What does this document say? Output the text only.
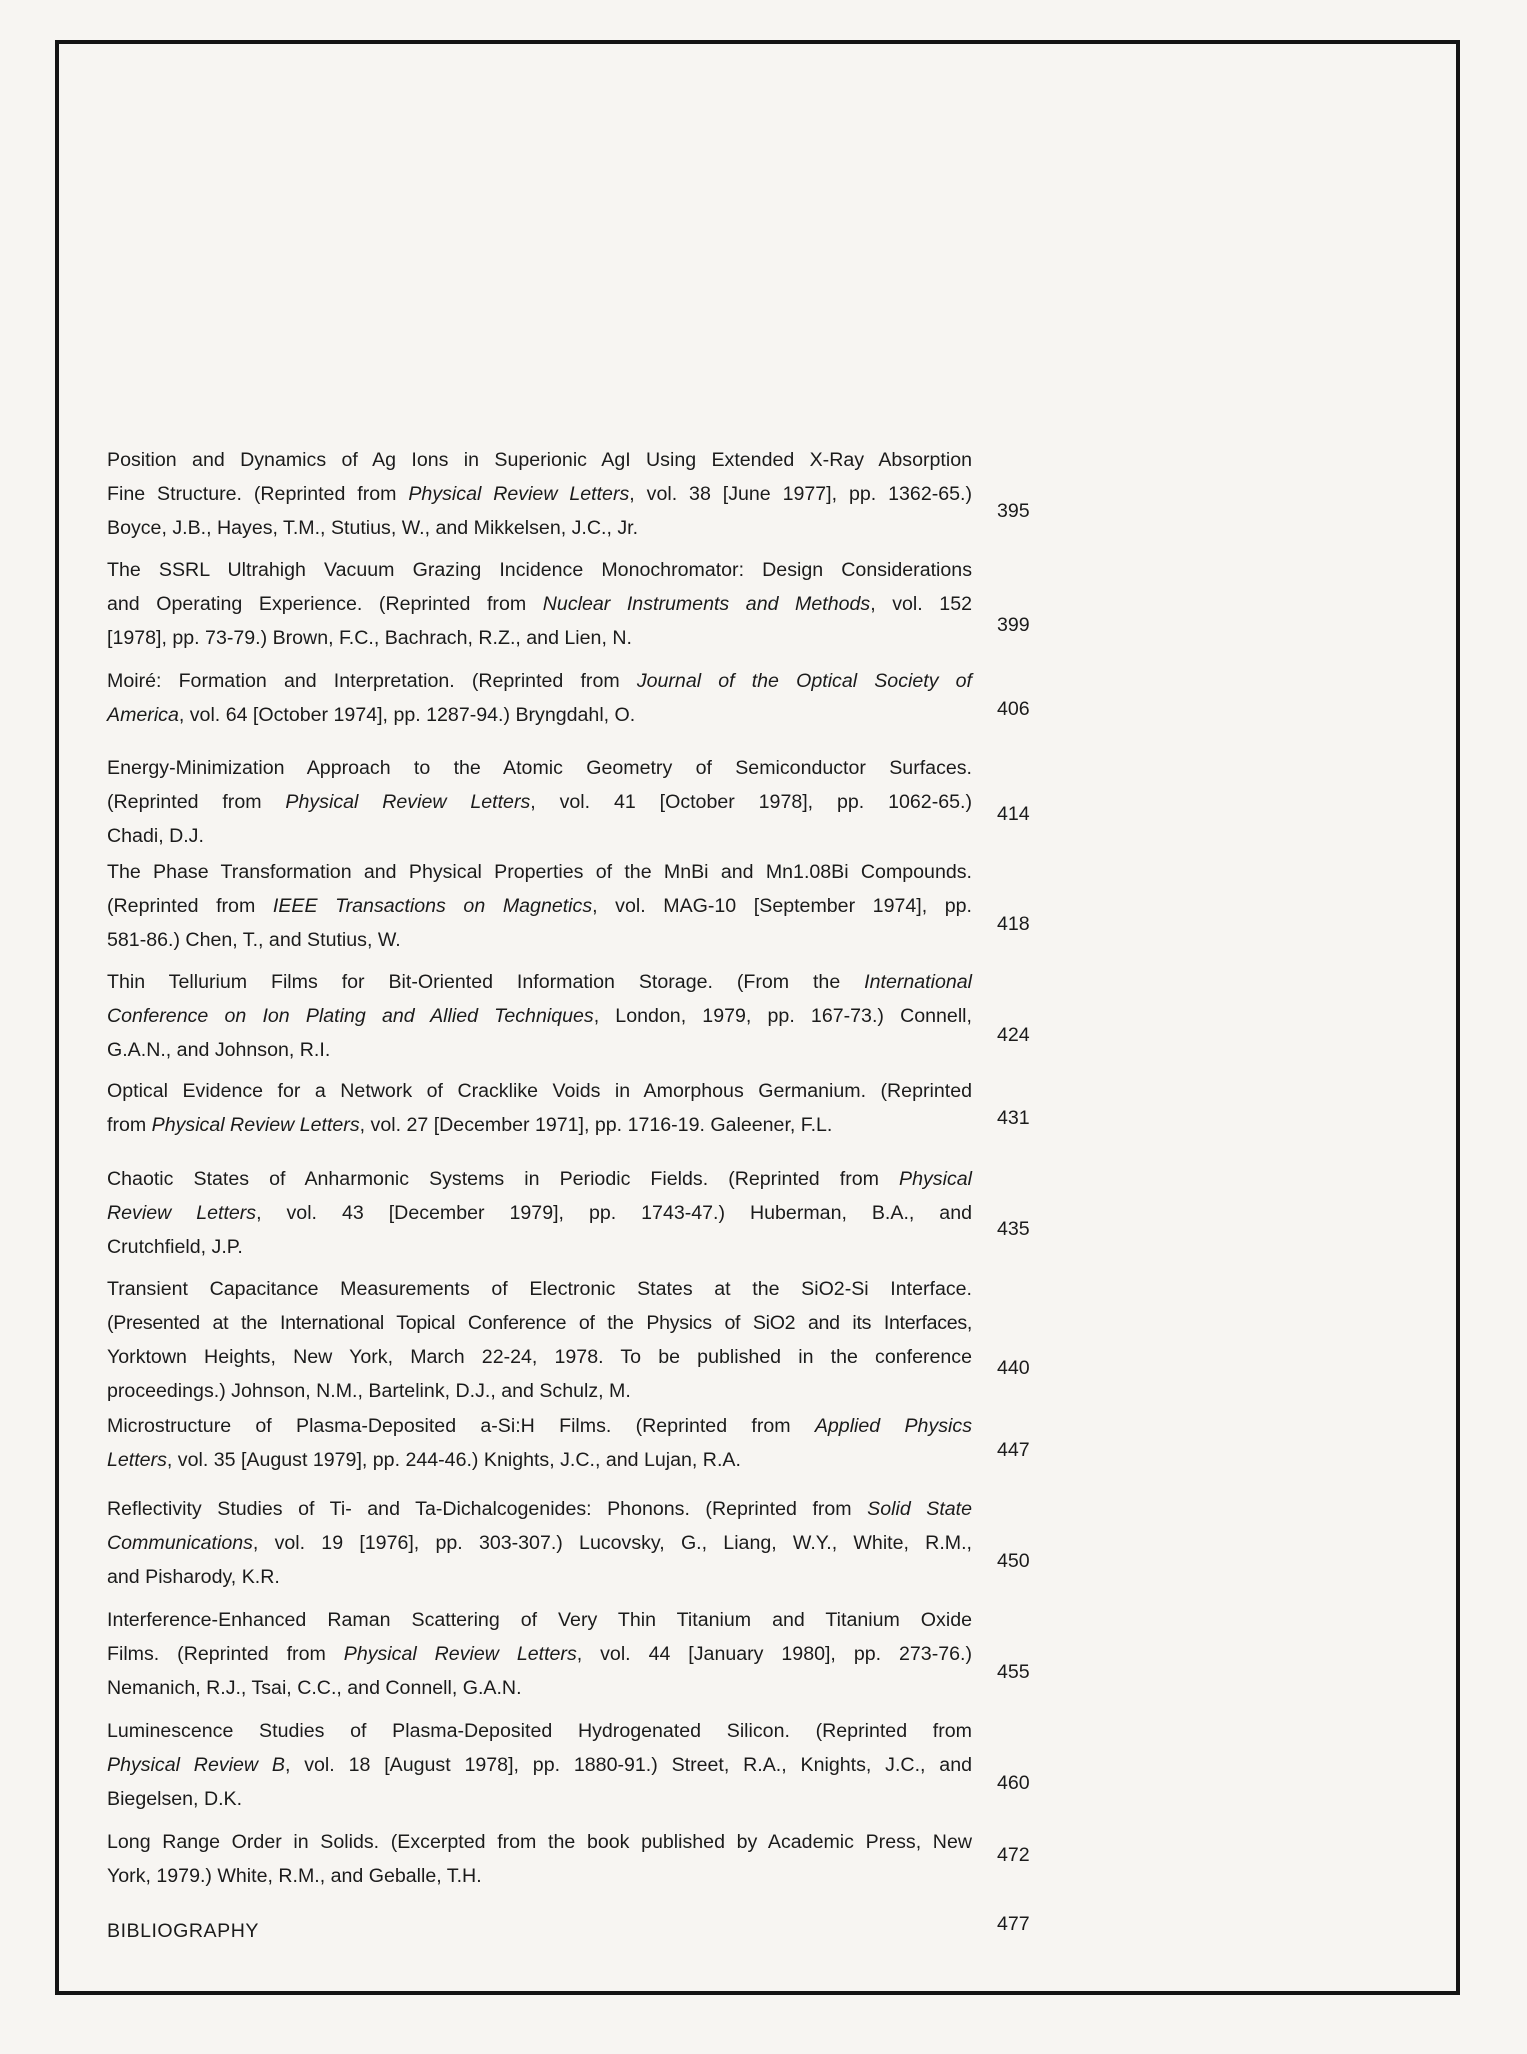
Position and Dynamics of Ag Ions in Superionic AgI Using Extended X-Ray Absorption
Fine Structure. (Reprinted from Physical Review Letters, vol. 38 [June 1977], pp. 1362-65.)
Boyce, J.B., Hayes, T.M., Stutius, W., and Mikkelsen, J.C., Jr.
395
The SSRL Ultrahigh Vacuum Grazing Incidence Monochromator: Design Considerations
and Operating Experience. (Reprinted from Nuclear Instruments and Methods, vol. 152
[1978], pp. 73-79.) Brown, F.C., Bachrach, R.Z., and Lien, N.
399
Moiré: Formation and Interpretation. (Reprinted from Journal of the Optical Society of
America, vol. 64 [October 1974], pp. 1287-94.) Bryngdahl, O.	406
Energy-Minimization Approach to the Atomic Geometry of Semiconductor Surfaces.
(Reprinted from Physical Review Letters, vol. 41 [October 1978], pp. 1062-65.)
Chadi, D.J.
414
The Phase Transformation and Physical Properties of the MnBi and Mn1.08Bi Compounds.
(Reprinted from IEEE Transactions on Magnetics, vol. MAG-10 [September 1974], pp.
581-86.) Chen, T., and Stutius, W.
418
Thin Tellurium Films for Bit-Oriented Information Storage. (From the International
Conference on Ion Plating and Allied Techniques, London, 1979, pp. 167-73.) Connell,
G.A.N., and Johnson, R.I.
424
Optical Evidence for a Network of Cracklike Voids in Amorphous Germanium. (Reprinted
from Physical Review Letters, vol. 27 [December 1971], pp. 1716-19. Galeener, F.L.	431
Chaotic States of Anharmonic Systems in Periodic Fields. (Reprinted from Physical
Review Letters, vol. 43 [December 1979], pp. 1743-47.) Huberman, B.A., and
Crutchfield, J.P.
435
Transient Capacitance Measurements of Electronic States at the SiO2-Si Interface.
(Presented at the International Topical Conference of the Physics of SiO2 and its Interfaces,
Yorktown Heights, New York, March 22-24, 1978. To be published in the conference
proceedings.) Johnson, N.M., Bartelink, D.J., and Schulz, M.
440
Microstructure of Plasma-Deposited a-Si:H Films. (Reprinted from Applied Physics
Letters, vol. 35 [August 1979], pp. 244-46.) Knights, J.C., and Lujan, R.A.	447
Reflectivity Studies of Ti- and Ta-Dichalcogenides: Phonons. (Reprinted from Solid State
Communications, vol. 19 [1976], pp. 303-307.) Lucovsky, G., Liang, W.Y., White, R.M.,
and Pisharody, K.R.
450
Interference-Enhanced Raman Scattering of Very Thin Titanium and Titanium Oxide
Films. (Reprinted from Physical Review Letters, vol. 44 [January 1980], pp. 273-76.)
Nemanich, R.J., Tsai, C.C., and Connell, G.A.N.
455
Luminescence Studies of Plasma-Deposited Hydrogenated Silicon. (Reprinted from
Physical Review B, vol. 18 [August 1978], pp. 1880-91.) Street, R.A., Knights, J.C., and
Biegelsen, D.K.
460
Long Range Order in Solids. (Excerpted from the book published by Academic Press, New
York, 1979.) White, R.M., and Geballe, T.H.
472
BIBLIOGRAPHY	477
